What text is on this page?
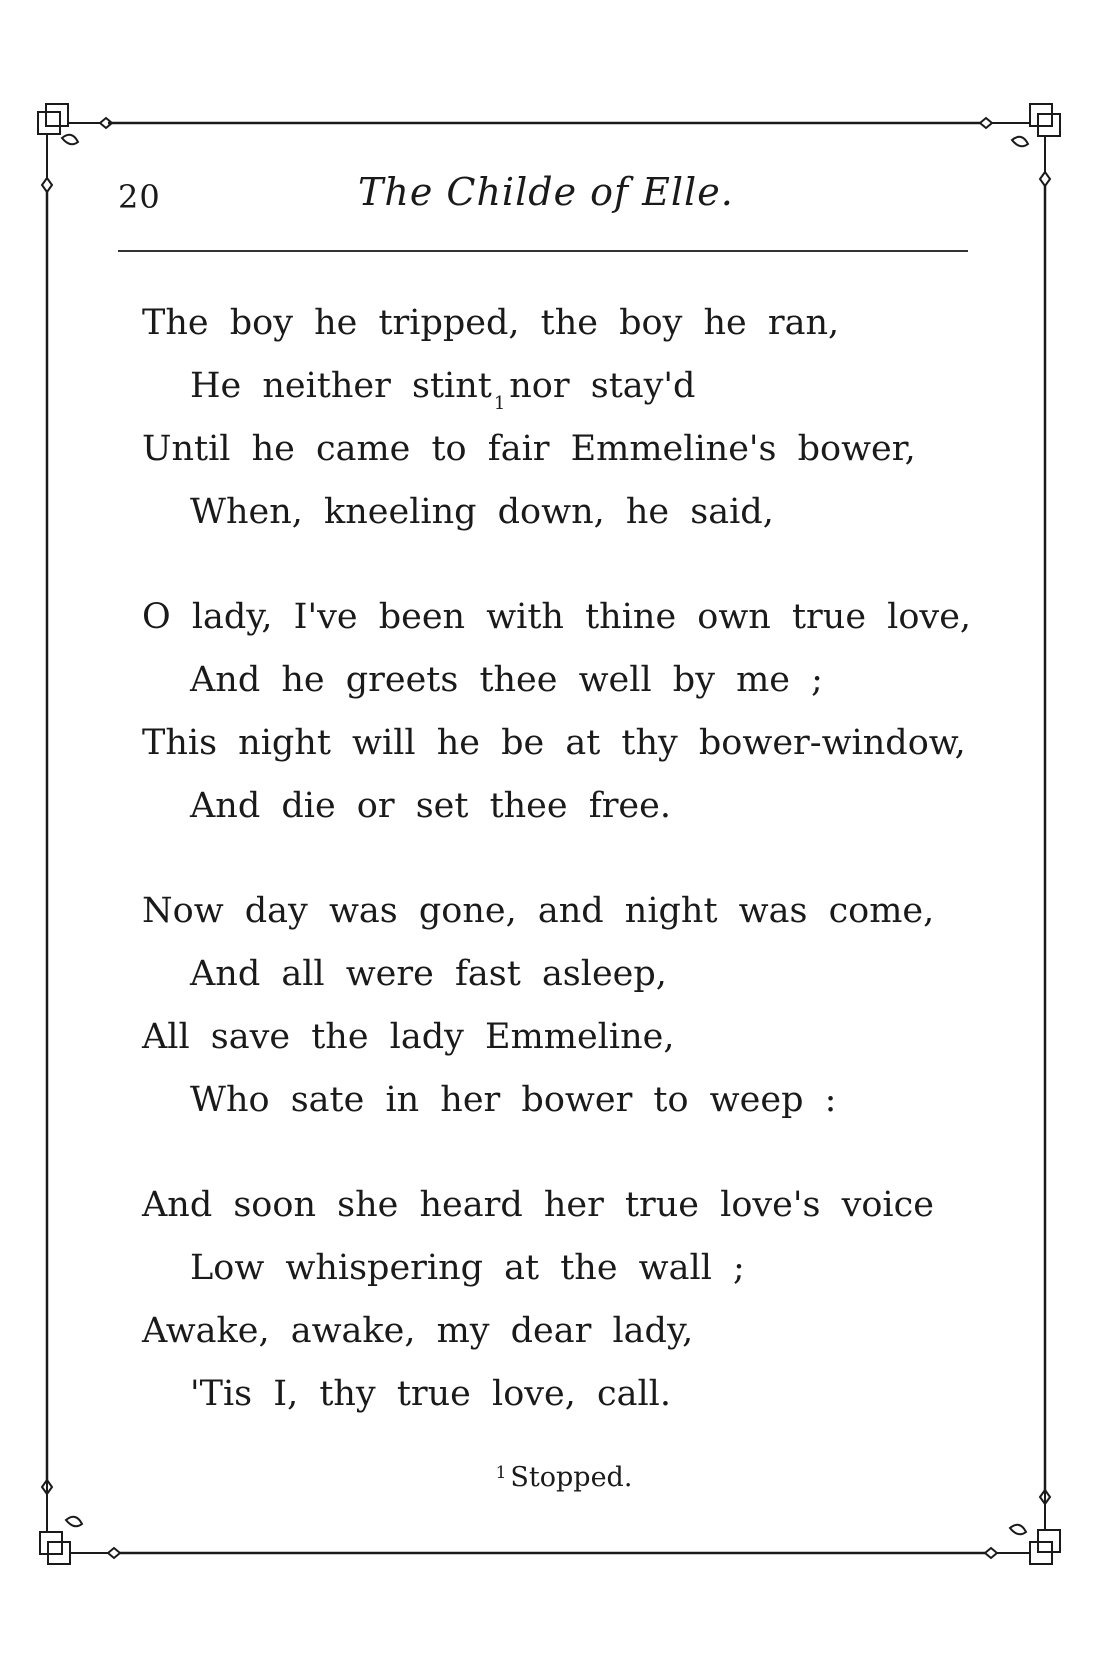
20	The Childe of Elle.
The boy he tripped, the boy he ran,
He neither stint $_1$ nor stay'd
Until he came to fair Emmeline's bower,
When, kneeling down, he said,
O lady, I've been with thine own true love,
And he greets thee well by me ;
This night will he be at thy bower-window,
And die or set thee free.
Now day was gone, and night was come,
And all were fast asleep,
All save the lady Emmeline,
Who sate in her bower to weep :
And soon she heard her true love's voice
Low whispering at the wall ;
Awake, awake, my dear lady,
'Tis I, thy true love, call.
$^1$ Stopped.
